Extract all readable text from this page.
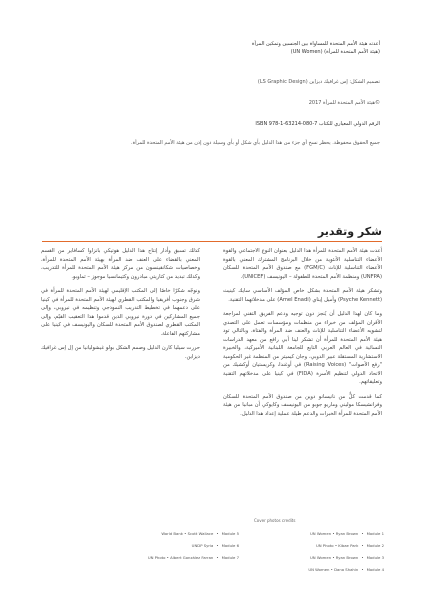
أعدته هيئة الأمم المتحدة للمساواة بين الجنسين وتمكين المرأة

(هيئة الأمم المتحدة للمرأة) (UN Women)

تصميم الشكل: إس غرافيك ديزاين (LS Graphic Design)

©هيئة الأمم المتحدة للمرأة 2017

الرقم الدولي المعياري للكتاب ISBN 978-1-63214-080-7

جميع الحقوق محفوظة. يحظر نسخ أي جزء من هذا الدليل بأي شكل أو بأي وسيلة دون إذن من هيئة الأمم المتحدة للمرأة.

شكر وتقدير

أعدت هيئة الأمم المتحدة للمرأة هذا الدليل بعنوان النوع الاجتماعي والقوة الأعضاء التناسلية الأنثوية من خلال البرنامج المشترك المعني بالقوة الأعضاء التناسلية للإناث (FGM/C) مع صندوق الأمم المتحدة للسكان (UNFPA) ومنظمة الأمم المتحدة للطفولة – اليونيسف (UNICEF).

وتشكر هيئة الأمم المتحدة بشكل خاص المؤلف الأساسي سايك كينيث (Psyche Kennett) وأميل إيناي (Amel Enadi) على مدخلاتهما التقنية.

وما كان لهذا الدليل أن يُنجز دون توجيه ودعم الفريق التقني لمراجعة الأقران المؤلف من خبراء من منظمات ومؤسسات تعمل على التصدي لتشويه الأعضاء التناسلية للإناث والعنف ضد المرأة والفتاة، وبالتالي تود هيئة الأمم المتحدة للمرأة أن تشكر لينا أبي رافع من معهد الدراسات النسائية في العالم العربي التابع للجامعة اللبنانية الأميركية، والخبيرة الاستشارية المستقلة عبير الدوبي، وجان كيميتر من المنظمة غير الحكومية "رفع الأصوات" (Raising Voices) في أوغندا، وكريستيان أوكشيك من الاتحاد الدولي لتنظيم الأسرة (FIDA) في كينيا على مدخلاتهم التقنية وتعليقاتهم.

كما قدمت كلٌّ من نانيسانو دوين من صندوق الأمم المتحدة للسكان وفرانشيسكا موليني وماريو جوبو من اليونيسف وكايوكي أن مبانيا من هيئة الأمم المتحدة للمرأة الخبرات والدعم طيلة عملية إعداد هذا الدليل.

كذلك تسبق وأدار إنتاج هذا الدليل هوتيكي بانزاوا كسافاير من القسم المعني بالقضاء على العنف ضد المرأة بهيئة الأمم المتحدة للمرأة، وخصاصيات شكانقينسون من مركز هيئة الأمم المتحدة للمرأة للتدريب، وكذلك تبديد من كتاريتي مبادرون وكثيمانسيا موجوز – ثماوبو.

ونوجّه شكرًا خاصًا إلى المكتب الإقليمي لهيئة الأمم المتحدة للمرأة في شرق وجنوب أفريقيا والمكتب القطري لهيئة الأمم المتحدة للمرأة في كينيا على دعمهما في تخطيط التدريب النموذجي وتنظيمه في نيروبي، وإلى جميع المشاركين في دورة نيروبي الذين قدموا هذا التعقيب القيّم، وإلى المكتب القطري لصندوق الأمم المتحدة للسكان واليونيسف في كينيا على مشاركتهم الفاعلة.

حررت سيليا كارن الدليل وصمم الشكل بولو غيشوليانيا من إل إس غرافيك ديزاين.

Cover photos credits

UN Women • Ryan Brown • Module 1
UN Photo • Kibae Park • Module 2
UN Women • Ryan Brown • Module 3
UN Women • Dana Shahin • Module 4
World Bank • Scott Wallace • Module 5
UNDP Syria • Module 6
UN Photo • Albert González Farran • Module 7
